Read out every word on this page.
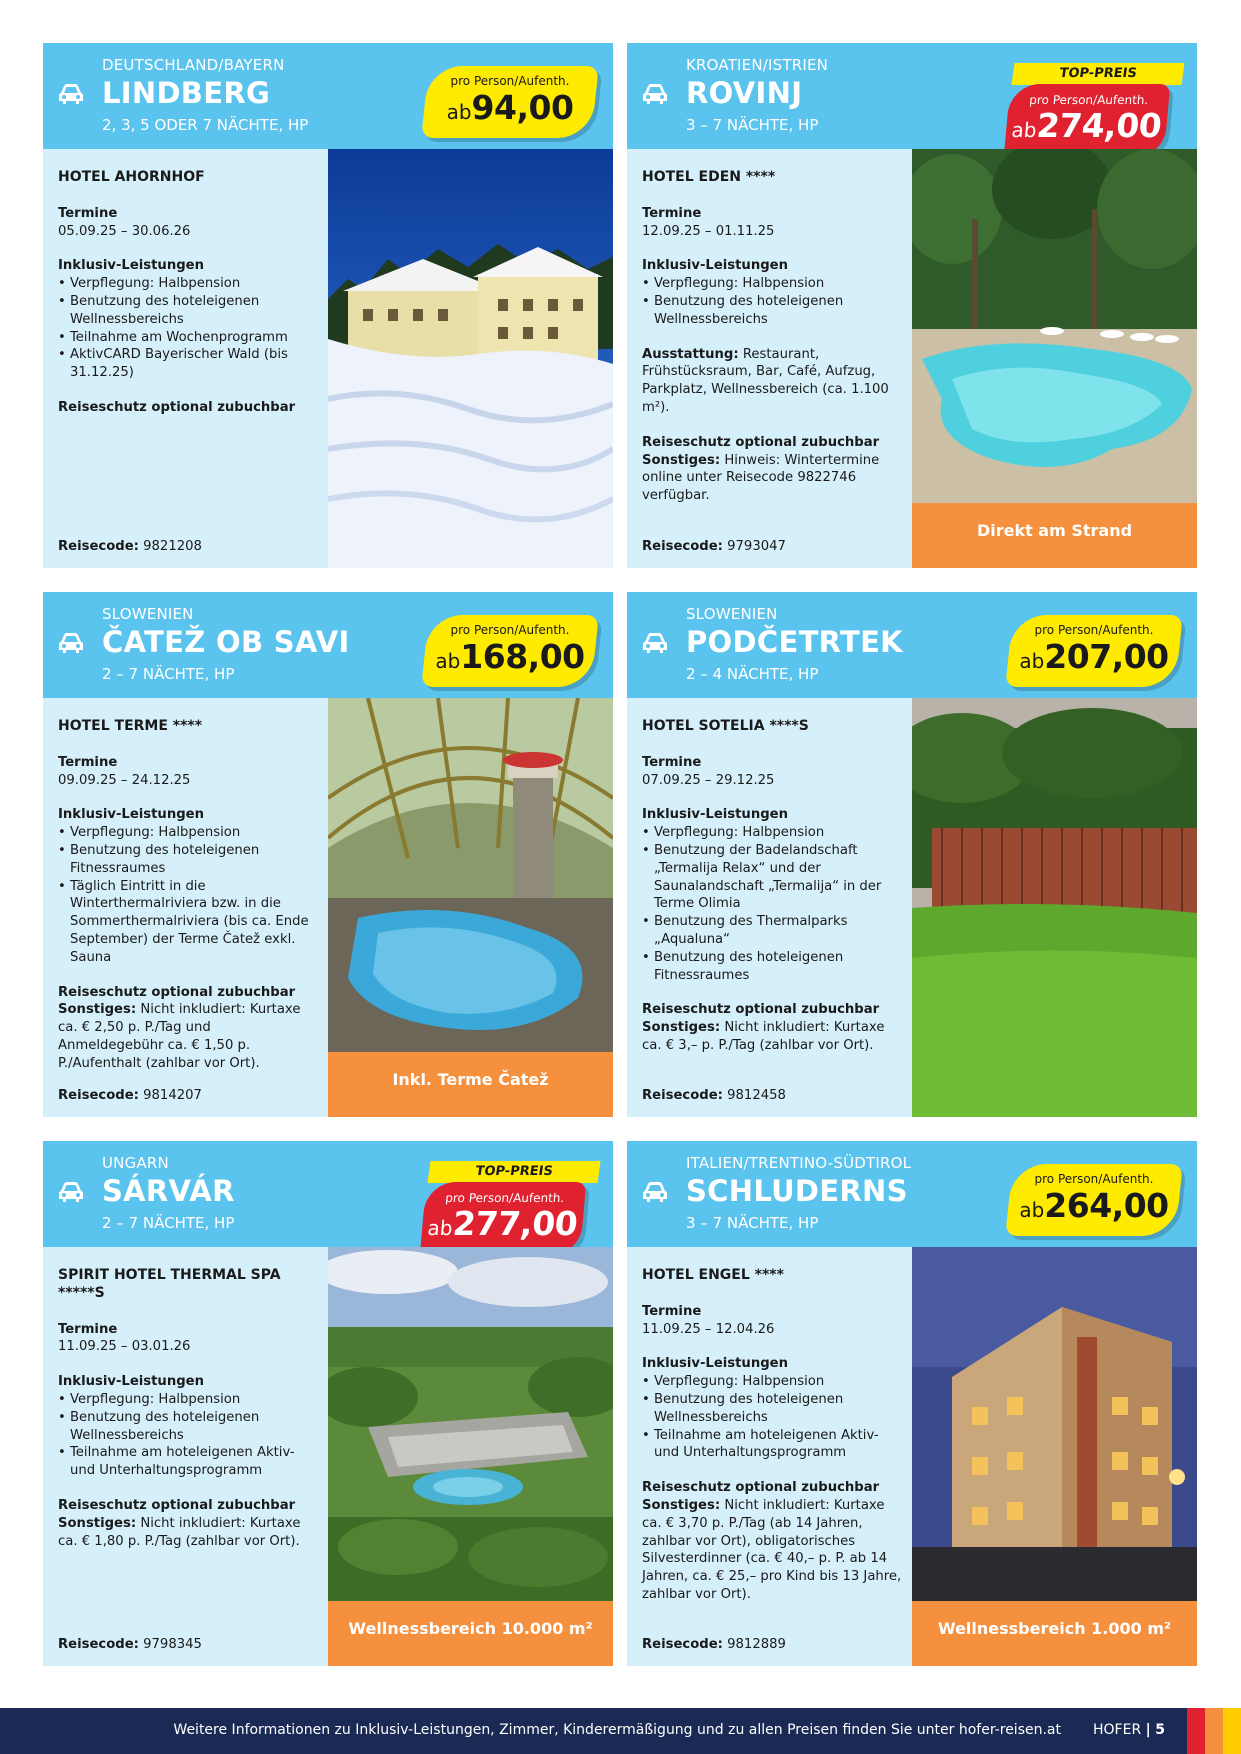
DEUTSCHLAND/BAYERN
LINDBERG
2, 3, 5 ODER 7 NÄCHTE, HP
pro Person/Aufenth.
ab94,00
HOTEL AHORNHOF
Termine
05.09.25 – 30.06.26
Inklusiv-Leistungen
• Verpflegung: Halbpension
• Benutzung des hoteleigenen Wellnessbereichs
• Teilnahme am Wochenprogramm
• AktivCARD Bayerischer Wald (bis 31.12.25)
Reiseschutz optional zubuchbar
Reisecode: 9821208
KROATIEN/ISTRIEN
ROVINJ
3 – 7 NÄCHTE, HP
TOP-PREIS
pro Person/Aufenth.
ab274,00
HOTEL EDEN ****
Termine
12.09.25 – 01.11.25
Inklusiv-Leistungen
• Verpflegung: Halbpension
• Benutzung des hoteleigenen Wellnessbereichs
Ausstattung: Restaurant, Frühstücksraum, Bar, Café, Aufzug, Parkplatz, Wellnessbereich (ca. 1.100 m²).
Reiseschutz optional zubuchbar
Sonstiges: Hinweis: Wintertermine online unter Reisecode 9822746 verfügbar.
Reisecode: 9793047
Direkt am Strand
SLOWENIEN
ČATEŽ OB SAVI
2 – 7 NÄCHTE, HP
pro Person/Aufenth.
ab168,00
HOTEL TERME ****
Termine
09.09.25 – 24.12.25
Inklusiv-Leistungen
• Verpflegung: Halbpension
• Benutzung des hoteleigenen Fitnessraumes
• Täglich Eintritt in die Winterthermalriviera bzw. in die Sommerthermalriviera (bis ca. Ende September) der Terme Čatež exkl. Sauna
Reiseschutz optional zubuchbar
Sonstiges: Nicht inkludiert: Kurtaxe ca. € 2,50 p. P./Tag und Anmeldegebühr ca. € 1,50 p. P./Aufenthalt (zahlbar vor Ort).
Reisecode: 9814207
Inkl. Terme Čatež
SLOWENIEN
PODČETRTEK
2 – 4 NÄCHTE, HP
pro Person/Aufenth.
ab207,00
HOTEL SOTELIA ****S
Termine
07.09.25 – 29.12.25
Inklusiv-Leistungen
• Verpflegung: Halbpension
• Benutzung der Badelandschaft „Termalija Relax“ und der Saunalandschaft „Termalija“ in der Terme Olimia
• Benutzung des Thermalparks „Aqualuna“
• Benutzung des hoteleigenen Fitnessraumes
Reiseschutz optional zubuchbar
Sonstiges: Nicht inkludiert: Kurtaxe ca. € 3,– p. P./Tag (zahlbar vor Ort).
Reisecode: 9812458
UNGARN
SÁRVÁR
2 – 7 NÄCHTE, HP
TOP-PREIS
pro Person/Aufenth.
ab277,00
SPIRIT HOTEL THERMAL SPA *****S
Termine
11.09.25 – 03.01.26
Inklusiv-Leistungen
• Verpflegung: Halbpension
• Benutzung des hoteleigenen Wellnessbereichs
• Teilnahme am hoteleigenen Aktiv- und Unterhaltungsprogramm
Reiseschutz optional zubuchbar
Sonstiges: Nicht inkludiert: Kurtaxe ca. € 1,80 p. P./Tag (zahlbar vor Ort).
Reisecode: 9798345
Wellnessbereich 10.000 m²
ITALIEN/TRENTINO-SÜDTIROL
SCHLUDERNS
3 – 7 NÄCHTE, HP
pro Person/Aufenth.
ab264,00
HOTEL ENGEL ****
Termine
11.09.25 – 12.04.26
Inklusiv-Leistungen
• Verpflegung: Halbpension
• Benutzung des hoteleigenen Wellnessbereichs
• Teilnahme am hoteleigenen Aktiv- und Unterhaltungsprogramm
Reiseschutz optional zubuchbar
Sonstiges: Nicht inkludiert: Kurtaxe ca. € 3,70 p. P./Tag (ab 14 Jahren, zahlbar vor Ort), obligatorisches Silvesterdinner (ca. € 40,– p. P. ab 14 Jahren, ca. € 25,– pro Kind bis 13 Jahre, zahlbar vor Ort).
Reisecode: 9812889
Wellnessbereich 1.000 m²
Weitere Informationen zu Inklusiv-Leistungen, Zimmer, Kinderermäßigung und zu allen Preisen finden Sie unter hofer-reisen.at HOFER | 5
